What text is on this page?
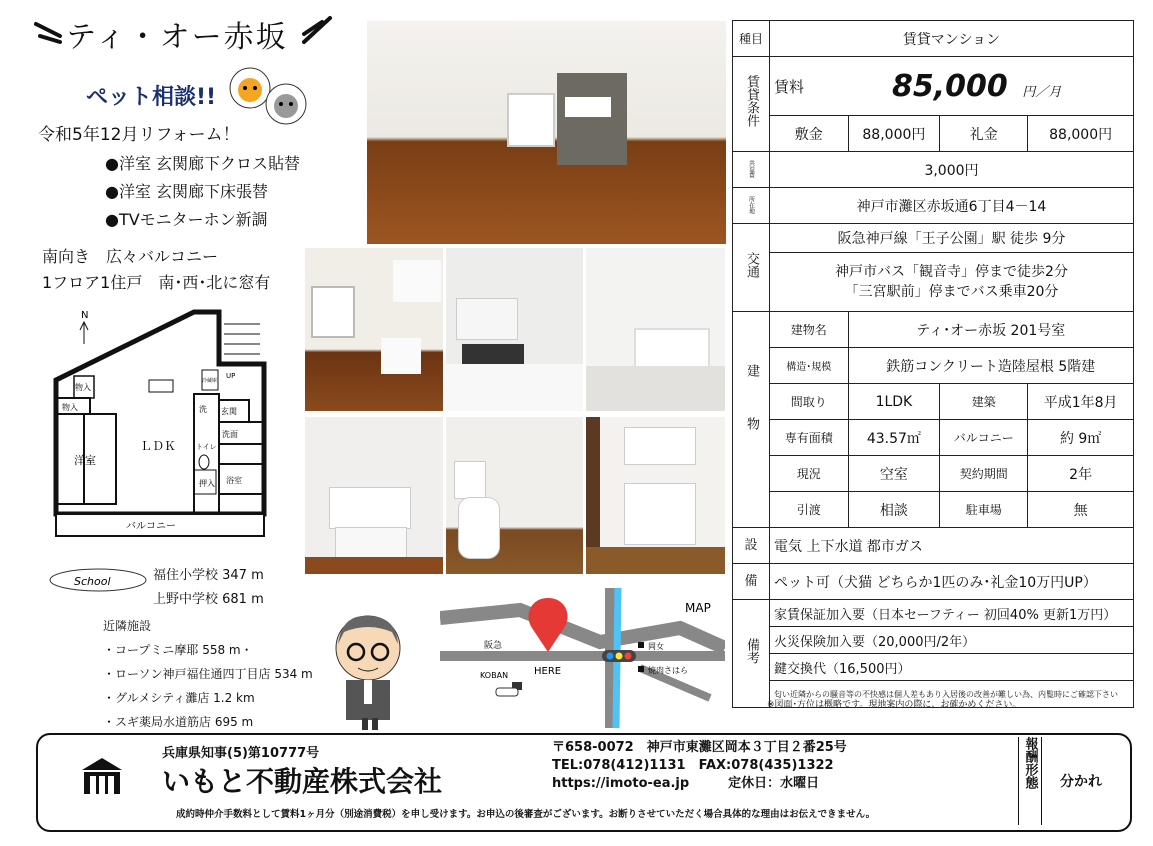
ティ・オー赤坂
ペット相談!!
令和5年12月リフォーム！
●洋室 玄関廊下クロス貼替
●洋室 玄関廊下床張替
●TVモニターホン新調
南向き　広々バルコニー
1フロア1住戸　南･西･北に窓有
N
バルコニー
洋室
物入
物入
ＬＤＫ
洗 玄関
洗面
トイレ
押入 浴室
UP
冷蔵庫
School	福住小学校 347 m
上野中学校 681 m
近隣施設
・コープミニ摩耶 558 m・
・ローソン神戸福住通四丁目店 534 m
・グルメシティ灘店 1.2 km
・スギ薬局水道筋店 695 m
MAP
阪急
HERE
KOBAN
岡女
焼肉さはら
種目	賃貸マンション			
賃貸条件	賃料	85,000 円／月		
	敷金	88,000円	礼金	88,000円
共益費	3,000円			
所在地	神戸市灘区赤坂通6丁目4－14			
交通	阪急神戸線「王子公園」駅 徒歩 9分			

	神戸市バス「観音寺」停まで徒歩2分
「三宮駅前」停までバス乗車20分			

建物	建物名	ティ･オー赤坂 201号室		
	構造･規模	鉄筋コンクリート造陸屋根 5階建		
	間取り	1LDK	建築	平成1年8月
	専有面積	43.57㎡	バルコニー	約 9㎡
	現況	空室	契約期間	2年
	引渡	相談	駐車場	無
設	電気 上下水道 都市ガス			
備	ペット可（犬猫 どちらか1匹のみ･礼金10万円UP）			
備考	家賃保証加入要（日本セーフティー 初回40% 更新1万円）			
	火災保険加入要（20,000円/2年）			
	鍵交換代（16,500円）			
	匂い近隣からの騒音等の不快感は個人差もあり入居後の改善が難しい為、内覧時にご確認下さい			
※図面･方位は概略です。現地案内の際に、お確かめください。
兵庫県知事(5)第10777号
いもと不動産株式会社
〒658-0072　神戸市東灘区岡本３丁目２番25号
TEL:078(412)1131　FAX:078(435)1322
https://imoto-ea.jp　　　定休日：水曜日
成約時仲介手数料として賃料1ヶ月分（別途消費税）を申し受けます。お申込の後審査がございます。お断りさせていただく場合具体的な理由はお伝えできません。
報酬形態	分かれ
